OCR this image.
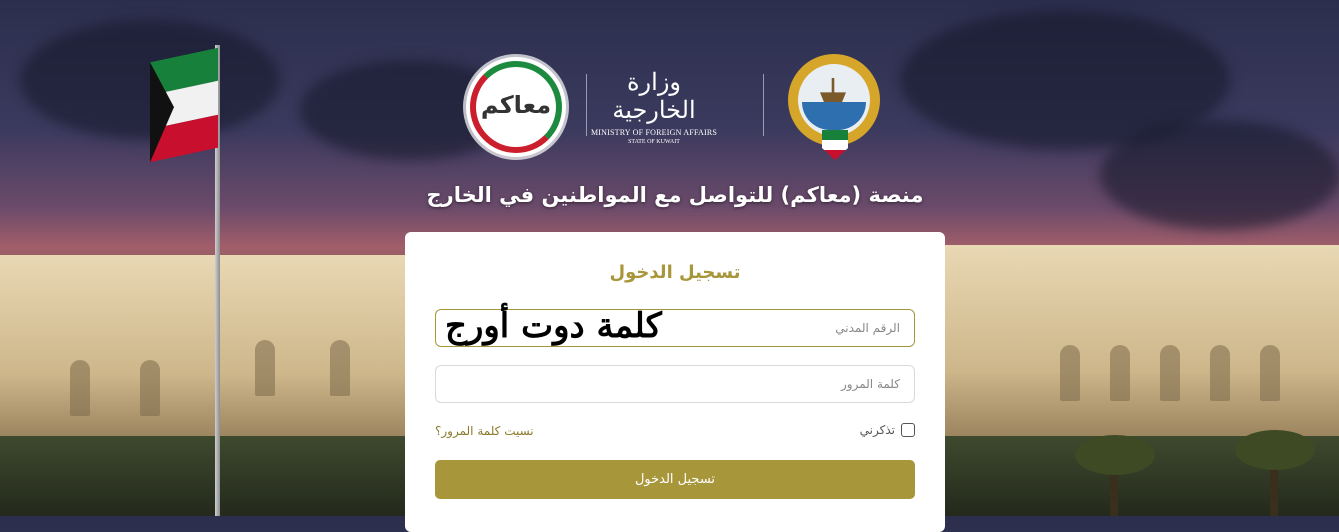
معاكم
وزارة الخارجية
MINISTRY OF FOREIGN AFFAIRS
STATE OF KUWAIT
منصة (معاكم) للتواصل مع المواطنين في الخارج
تسجيل الدخول
الرقم المدني
كلمة دوت أورج
تذكرني
نسيت كلمة المرور؟
تسجيل الدخول
